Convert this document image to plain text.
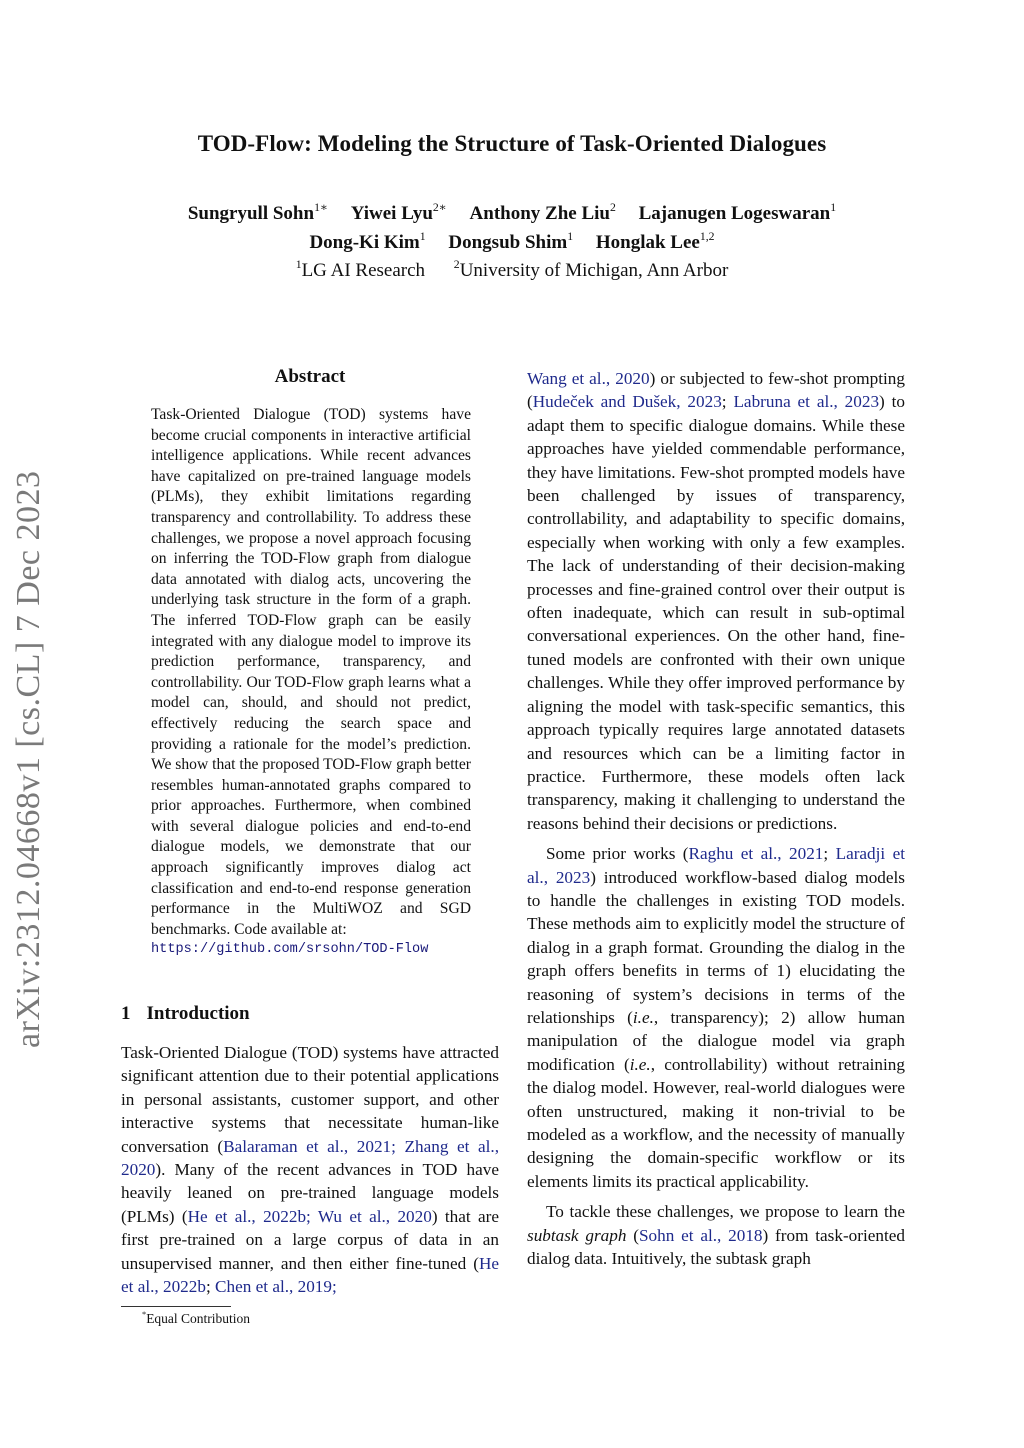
TOD-Flow: Modeling the Structure of Task-Oriented Dialogues
Sungryull Sohn$^{1∗}$ Yiwei Lyu$^{2∗}$ Anthony Zhe Liu$^2$ Lajanugen Logeswaran$^1$
Dong-Ki Kim$^1$ Dongsub Shim$^1$ Honglak Lee$^{1,2}$
$^1$LG AI Research $^2$University of Michigan, Ann Arbor
arXiv:2312.04668v1 [cs.CL] 7 Dec 2023
Abstract
Task-Oriented Dialogue (TOD) systems have become crucial components in interactive artificial intelligence applications. While recent advances have capitalized on pre-trained language models (PLMs), they exhibit limitations regarding transparency and controllability. To address these challenges, we propose a novel approach focusing on inferring the TOD-Flow graph from dialogue data annotated with dialog acts, uncovering the underlying task structure in the form of a graph. The inferred TOD-Flow graph can be easily integrated with any dialogue model to improve its prediction performance, transparency, and controllability. Our TOD-Flow graph learns what a model can, should, and should not predict, effectively reducing the search space and providing a rationale for the model’s prediction. We show that the proposed TOD-Flow graph better resembles human-annotated graphs compared to prior approaches. Furthermore, when combined with several dialogue policies and end-to-end dialogue models, we demonstrate that our approach significantly improves dialog act classification and end-to-end response generation performance in the MultiWOZ and SGD benchmarks. Code available at:
https://github.com/srsohn/TOD-Flow
1 Introduction

Task-Oriented Dialogue (TOD) systems have attracted significant attention due to their potential applications in personal assistants, customer support, and other interactive systems that necessitate human-like conversation (Balaraman et al., 2021; Zhang et al., 2020). Many of the recent advances in TOD have heavily leaned on pre-trained language models (PLMs) (He et al., 2022b; Wu et al., 2020) that are first pre-trained on a large corpus of data in an unsupervised manner, and then either fine-tuned (He et al., 2022b; Chen et al., 2019;

Wang et al., 2020) or subjected to few-shot prompting (Hudeček and Dušek, 2023; Labruna et al., 2023) to adapt them to specific dialogue domains. While these approaches have yielded commendable performance, they have limitations. Few-shot prompted models have been challenged by issues of transparency, controllability, and adaptability to specific domains, especially when working with only a few examples. The lack of understanding of their decision-making processes and fine-grained control over their output is often inadequate, which can result in sub-optimal conversational experiences. On the other hand, fine-tuned models are confronted with their own unique challenges. While they offer improved performance by aligning the model with task-specific semantics, this approach typically requires large annotated datasets and resources which can be a limiting factor in practice. Furthermore, these models often lack transparency, making it challenging to understand the reasons behind their decisions or predictions.

Some prior works (Raghu et al., 2021; Laradji et al., 2023) introduced workflow-based dialog models to handle the challenges in existing TOD models. These methods aim to explicitly model the structure of dialog in a graph format. Grounding the dialog in the graph offers benefits in terms of 1) elucidating the reasoning of system’s decisions in terms of the relationships (i.e., transparency); 2) allow human manipulation of the dialogue model via graph modification (i.e., controllability) without retraining the dialog model. However, real-world dialogues were often unstructured, making it non-trivial to be modeled as a workflow, and the necessity of manually designing the domain-specific workflow or its elements limits its practical applicability.

To tackle these challenges, we propose to learn the subtask graph (Sohn et al., 2018) from task-oriented dialog data. Intuitively, the subtask graph

*Equal Contribution
